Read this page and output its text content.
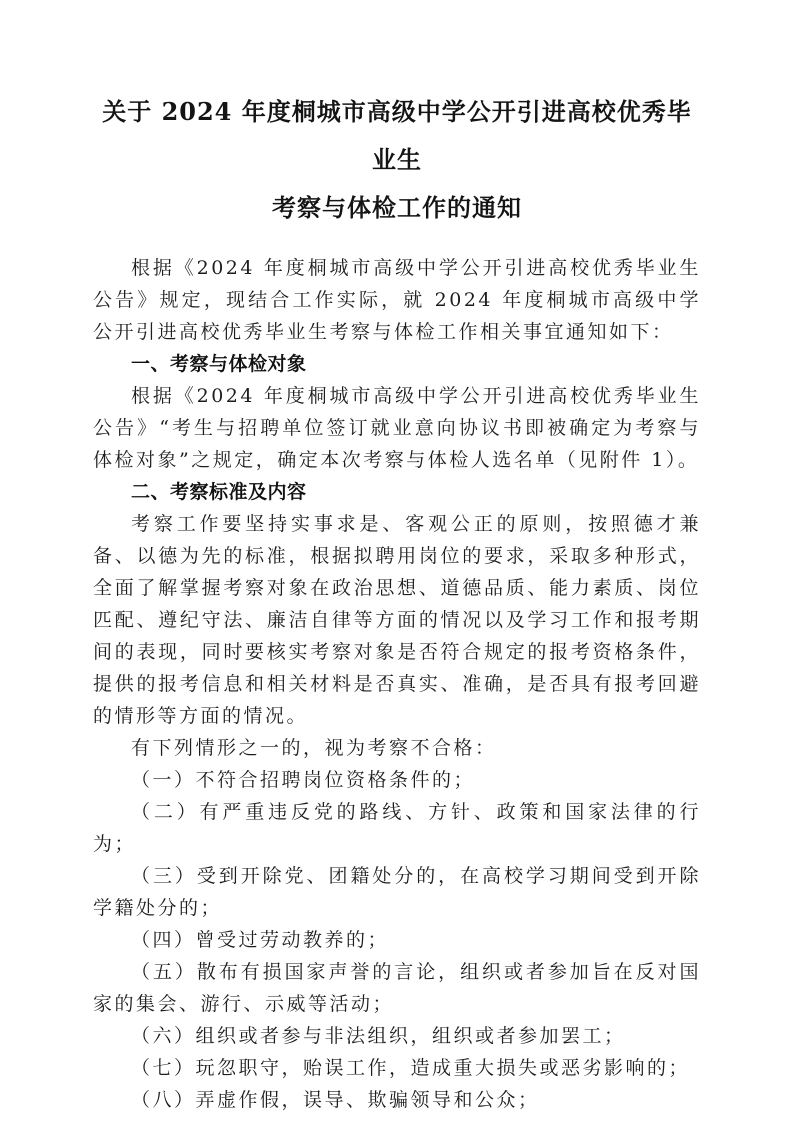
关于 2024 年度桐城市高级中学公开引进高校优秀毕业生
考察与体检工作的通知

根据《2024 年度桐城市高级中学公开引进高校优秀毕业生公告》规定，现结合工作实际，就 2024 年度桐城市高级中学公开引进高校优秀毕业生考察与体检工作相关事宜通知如下：

一、考察与体检对象

根据《2024 年度桐城市高级中学公开引进高校优秀毕业生公告》“考生与招聘单位签订就业意向协议书即被确定为考察与体检对象”之规定，确定本次考察与体检人选名单（见附件 1）。

二、考察标准及内容

考察工作要坚持实事求是、客观公正的原则，按照德才兼备、以德为先的标准，根据拟聘用岗位的要求，采取多种形式，全面了解掌握考察对象在政治思想、道德品质、能力素质、岗位匹配、遵纪守法、廉洁自律等方面的情况以及学习工作和报考期间的表现，同时要核实考察对象是否符合规定的报考资格条件，提供的报考信息和相关材料是否真实、准确，是否具有报考回避的情形等方面的情况。

有下列情形之一的，视为考察不合格：

（一）不符合招聘岗位资格条件的；

（二）有严重违反党的路线、方针、政策和国家法律的行为；

（三）受到开除党、团籍处分的，在高校学习期间受到开除学籍处分的；

（四）曾受过劳动教养的；

（五）散布有损国家声誉的言论，组织或者参加旨在反对国家的集会、游行、示威等活动；

（六）组织或者参与非法组织，组织或者参加罢工；

（七）玩忽职守，贻误工作，造成重大损失或恶劣影响的；

（八）弄虚作假，误导、欺骗领导和公众；
